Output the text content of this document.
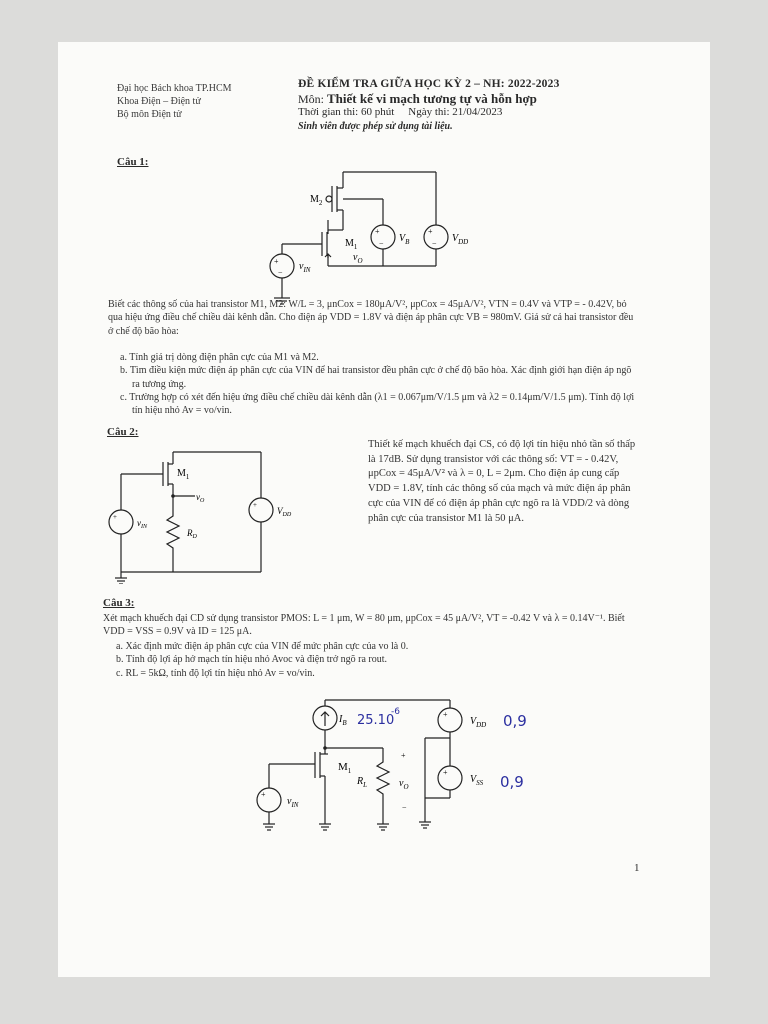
Đại học Bách khoa TP.HCM
Khoa Điện – Điện tử
Bộ môn Điện tử
ĐỀ KIỂM TRA GIỮA HỌC KỲ 2 – NH: 2022-2023
Môn: Thiết kế vi mạch tương tự và hỗn hợp
Thời gian thi: 60 phút Ngày thi: 21/04/2023
Sinh viên được phép sử dụng tài liệu.
Câu 1:
$M_2$
$M_1$
+	+
+
−	−
−
$V_B$	$V_{DD}$
$v_O$
$v_{IN}$
Biết các thông số của hai transistor M1, M2: W/L = 3, μnCox = 180μA/V², μpCox = 45μA/V², VTN = 0.4V và VTP = - 0.42V, bỏ qua hiệu ứng điều chế chiều dài kênh dẫn. Cho điện áp VDD = 1.8V và điện áp phân cực VB = 980mV. Giả sử cả hai transistor đều ở chế độ bão hòa:
a. Tính giá trị dòng điện phân cực của M1 và M2.
b. Tìm điều kiện mức điện áp phân cực của VIN để hai transistor đều phân cực ở chế độ bão hòa. Xác định giới hạn điện áp ngõ ra tương ứng.
c. Trường hợp có xét đến hiệu ứng điều chế chiều dài kênh dẫn (λ1 = 0.067μm/V/1.5 μm và λ2 = 0.14μm/V/1.5 μm). Tính độ lợi tín hiệu nhỏ Av = vo/vin.
Câu 2:
$M_1$
$v_O$
+
$v_{IN}$
$R_D$
+
$V_{DD}$
Thiết kế mạch khuếch đại CS, có độ lợi tín hiệu nhỏ tần số thấp là 17dB. Sử dụng transistor với các thông số: VT = - 0.42V, μpCox = 45μA/V² và λ = 0, L = 2μm. Cho điện áp cung cấp VDD = 1.8V, tính các thông số của mạch và mức điện áp phân cực của VIN để có điện áp phân cực ngõ ra là VDD/2 và dòng phân cực của transistor M1 là 50 μA.
Câu 3:
Xét mạch khuếch đại CD sử dụng transistor PMOS: L = 1 μm, W = 80 μm, μpCox = 45 μA/V², VT = -0.42 V và λ = 0.14V⁻¹. Biết VDD = VSS = 0.9V và ID = 125 μA.
a. Xác định mức điện áp phân cực của VIN để mức phân cực của vo là 0.
b. Tính độ lợi áp hở mạch tín hiệu nhỏ Avoc và điện trở ngõ ra rout.
c. RL = 5kΩ, tính độ lợi tín hiệu nhỏ Av = vo/vin.
$I_B$
+
$V_{DD}$
+
$V_{SS}$
$M_1$
$R_L$
+
$v_O$
−
+
$v_{IN}$
25.10
-6	0,9
0,9
1
